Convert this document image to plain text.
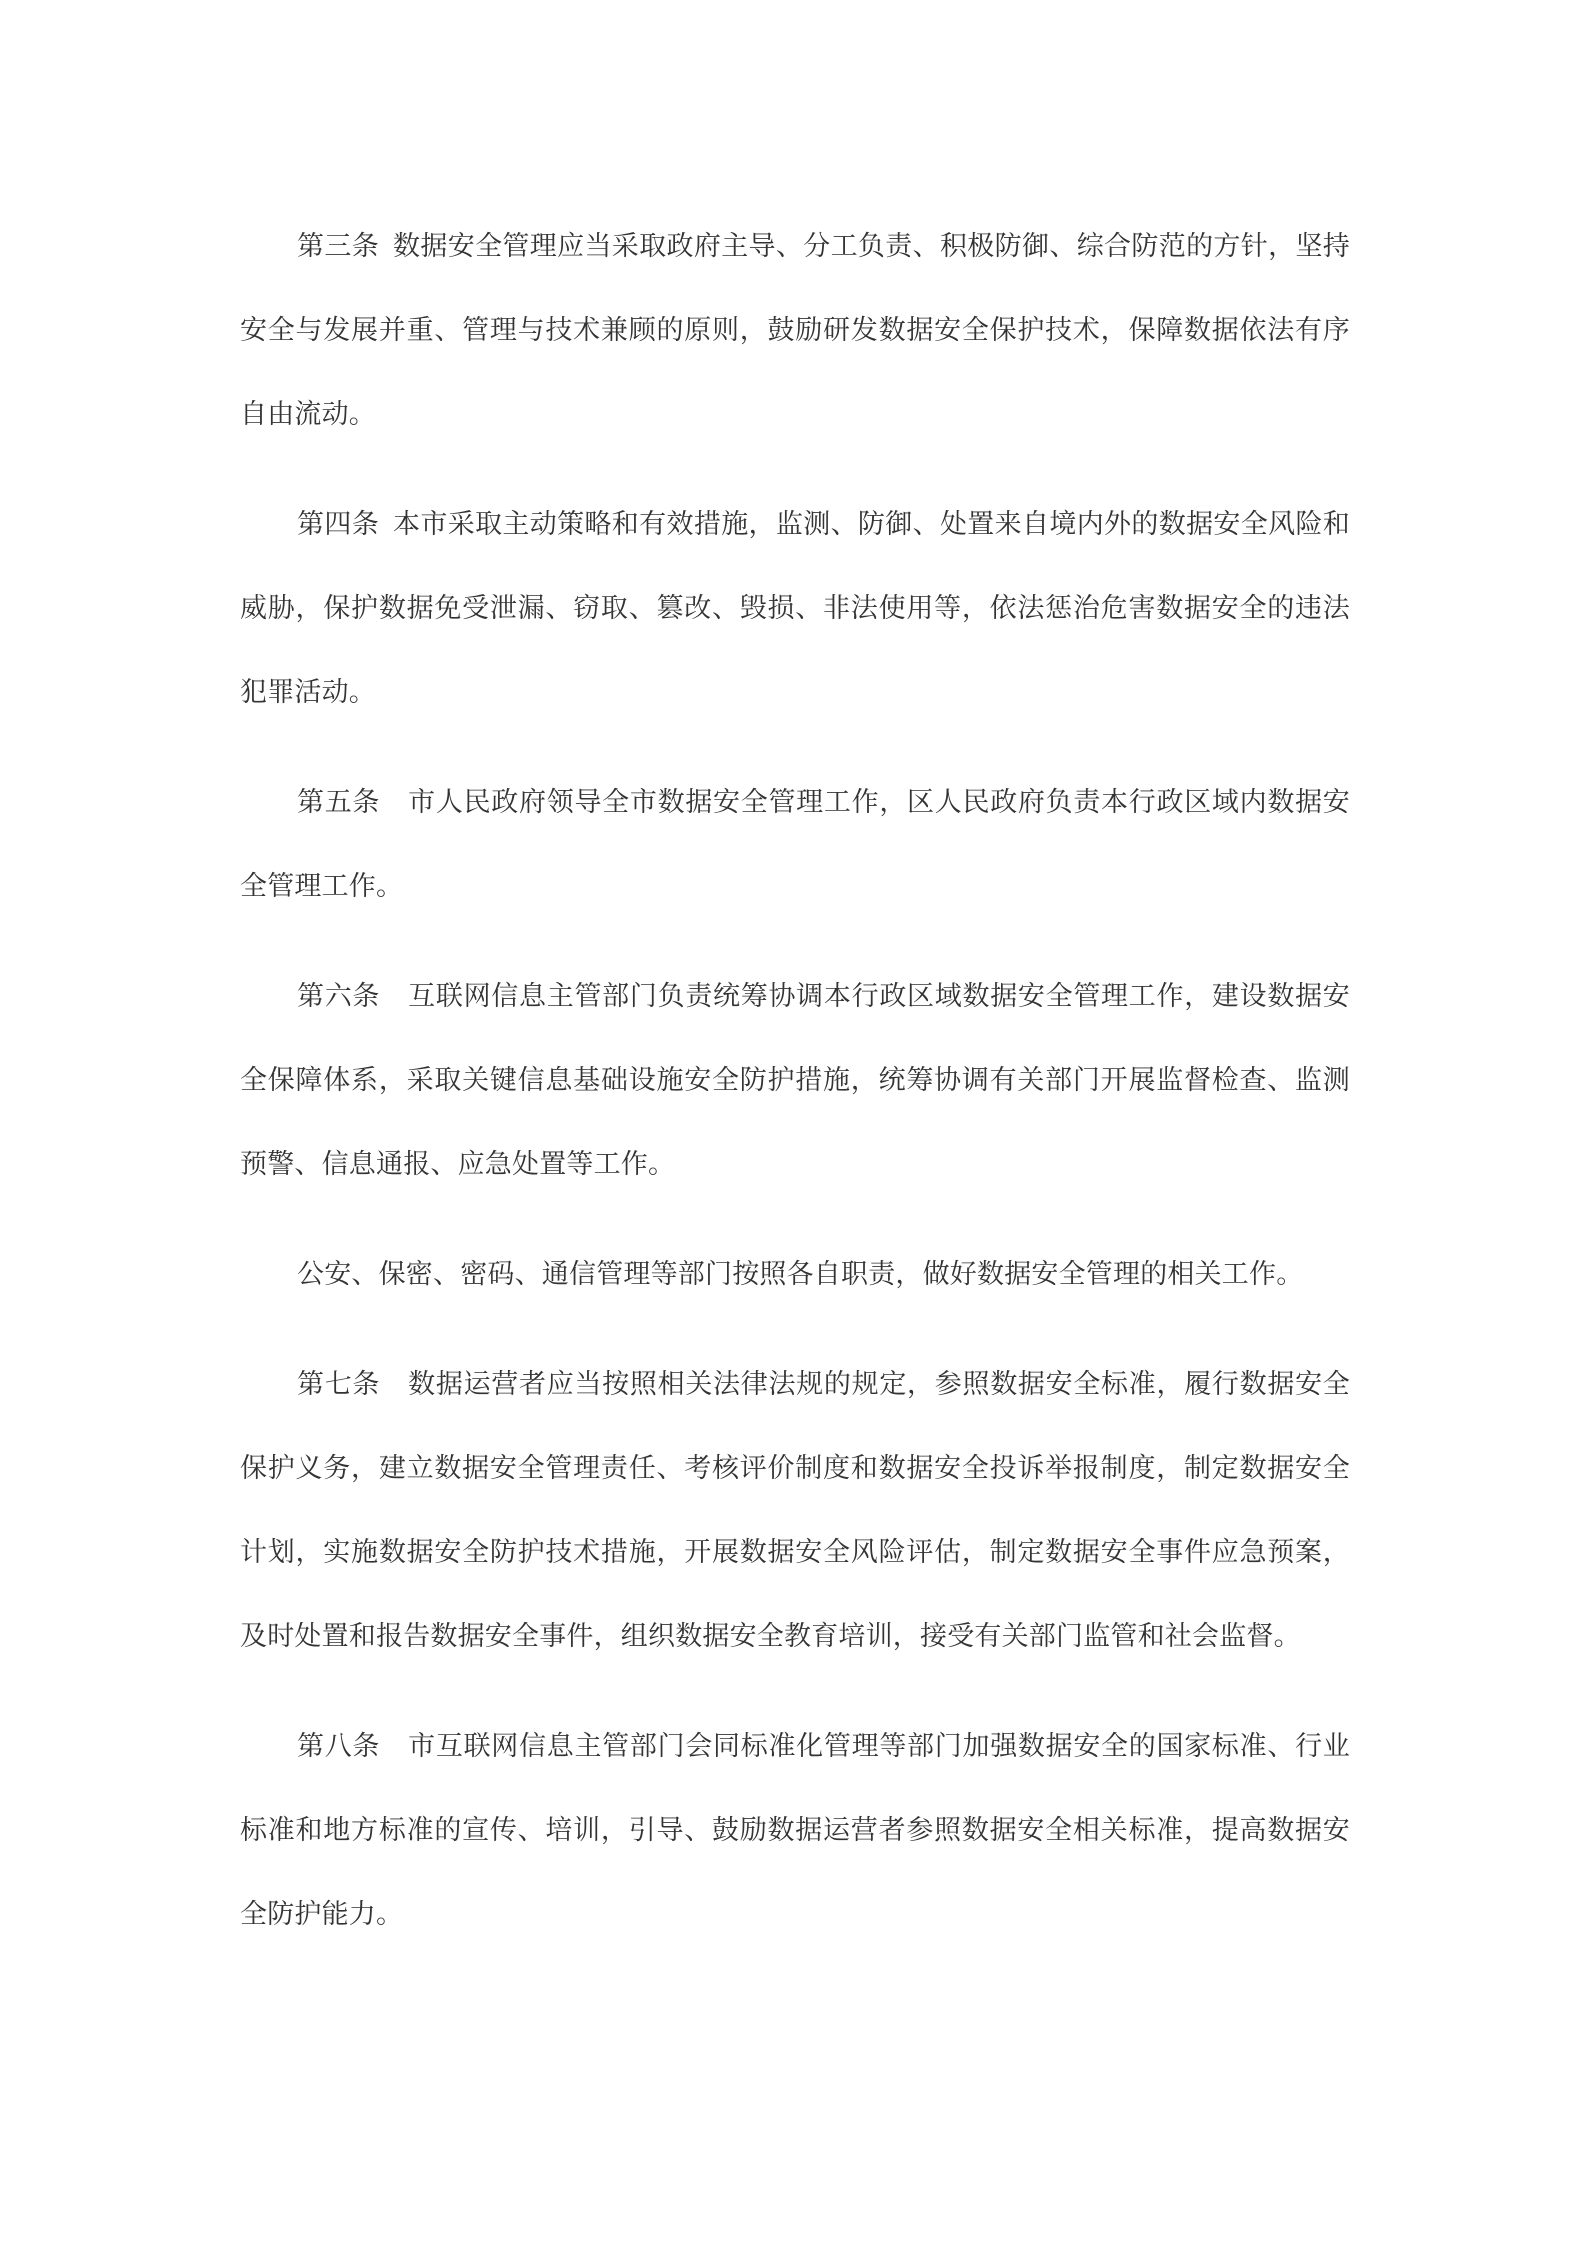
第三条 数据安全管理应当采取政府主导、分工负责、积极防御、综合防范的方针，坚持安全与发展并重、管理与技术兼顾的原则，鼓励研发数据安全保护技术，保障数据依法有序自由流动。

第四条 本市采取主动策略和有效措施，监测、防御、处置来自境内外的数据安全风险和威胁，保护数据免受泄漏、窃取、篡改、毁损、非法使用等，依法惩治危害数据安全的违法犯罪活动。

第五条 市人民政府领导全市数据安全管理工作，区人民政府负责本行政区域内数据安全管理工作。

第六条 互联网信息主管部门负责统筹协调本行政区域数据安全管理工作，建设数据安全保障体系，采取关键信息基础设施安全防护措施，统筹协调有关部门开展监督检查、监测预警、信息通报、应急处置等工作。

公安、保密、密码、通信管理等部门按照各自职责，做好数据安全管理的相关工作。

第七条 数据运营者应当按照相关法律法规的规定，参照数据安全标准，履行数据安全保护义务，建立数据安全管理责任、考核评价制度和数据安全投诉举报制度，制定数据安全计划，实施数据安全防护技术措施，开展数据安全风险评估，制定数据安全事件应急预案，及时处置和报告数据安全事件，组织数据安全教育培训，接受有关部门监管和社会监督。

第八条 市互联网信息主管部门会同标准化管理等部门加强数据安全的国家标准、行业标准和地方标准的宣传、培训，引导、鼓励数据运营者参照数据安全相关标准，提高数据安全防护能力。
